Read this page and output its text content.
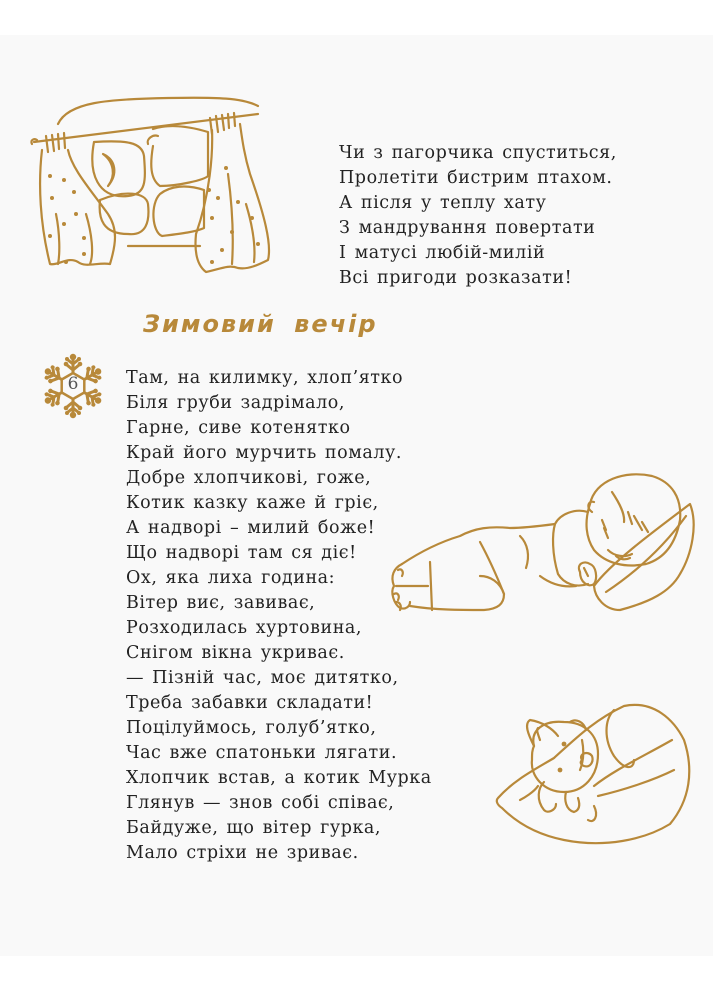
Чи з пагорчика спуститься,
Пролетіти бистрим птахом.
А після у теплу хату
З мандрування повертати
І матусі любій-милій
Всі пригоди розказати!
Зимовий вечір
6	Там, на килимку, хлоп’ятко
Біля груби задрімало,
Гарне, сиве котенятко
Край його мурчить помалу.
Добре хлопчикові, гоже,
Котик казку каже й гріє,
А надворі – милий боже!
Що надворі там ся діє!
Ох, яка лиха година:
Вітер виє, завиває,
Розходилась хуртовина,
Снігом вікна укриває.
— Пізній час, моє дитятко,
Треба забавки складати!
Поцілуймось, голуб’ятко,
Час вже спатоньки лягати.
Хлопчик встав, а котик Мурка
Глянув — знов собі співає,
Байдуже, що вітер гурка,
Мало стріхи не зриває.
